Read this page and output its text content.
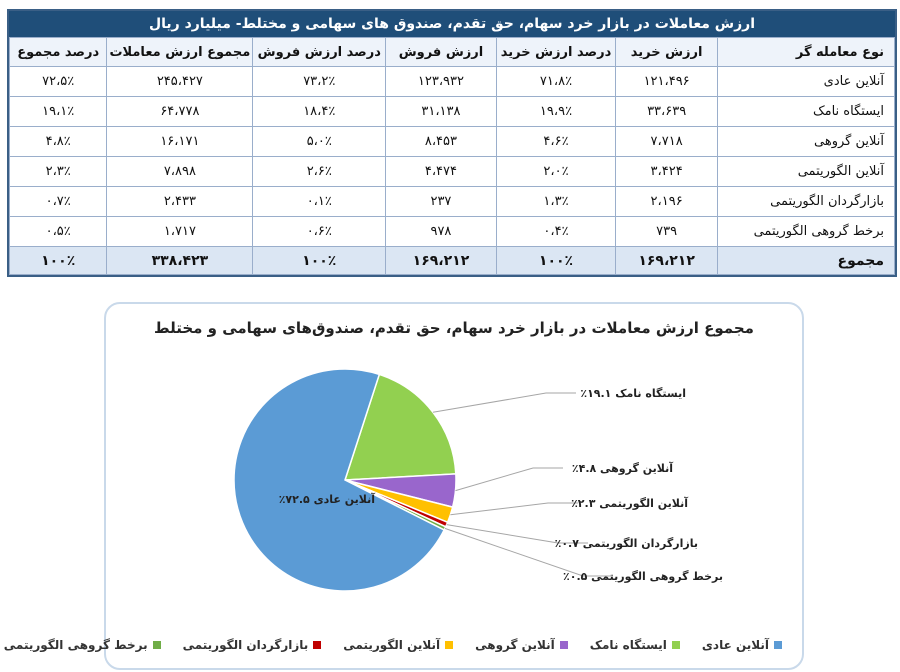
ارزش معاملات در بازار خرد سهام، حق تقدم، صندوق های سهامی و مختلط- میلیارد ریال
نوع معامله گر	ارزش خرید	درصد ارزش خرید	ارزش فروش	درصد ارزش فروش	مجموع ارزش معاملات	درصد مجموع
آنلاین عادی	۱۲۱،۴۹۶	۷۱،۸٪	۱۲۳،۹۳۲	۷۳،۲٪	۲۴۵،۴۲۷	۷۲،۵٪
ایستگاه نامک	۳۳،۶۳۹	۱۹،۹٪	۳۱،۱۳۸	۱۸،۴٪	۶۴،۷۷۸	۱۹،۱٪
آنلاین گروهی	۷،۷۱۸	۴،۶٪	۸،۴۵۳	۵،۰٪	۱۶،۱۷۱	۴،۸٪
آنلاین الگوریتمی	۳،۴۲۴	۲،۰٪	۴،۴۷۴	۲،۶٪	۷،۸۹۸	۲،۳٪
بازارگردان الگوریتمی	۲،۱۹۶	۱،۳٪	۲۳۷	۰،۱٪	۲،۴۳۳	۰،۷٪
برخط گروهی الگوریتمی	۷۳۹	۰،۴٪	۹۷۸	۰،۶٪	۱،۷۱۷	۰،۵٪
مجموع	۱۶۹،۲۱۲	۱۰۰٪	۱۶۹،۲۱۲	۱۰۰٪	۳۳۸،۴۲۳	۱۰۰٪
مجموع ارزش معاملات در بازار خرد سهام، حق تقدم، صندوق‌های سهامی و مختلط
ایستگاه نامک ۱۹.۱٪
آنلاین گروهی ۴.۸٪
آنلاین الگوریتمی ۲.۳٪
بازارگردان الگوریتمی ۰.۷٪
برخط گروهی الگوریتمی ۰.۵٪
آنلاین عادی ۷۲.۵٪
آنلاین عادی
ایستگاه نامک
آنلاین گروهی
آنلاین الگوریتمی
بازارگردان الگوریتمی
برخط گروهی الگوریتمی
